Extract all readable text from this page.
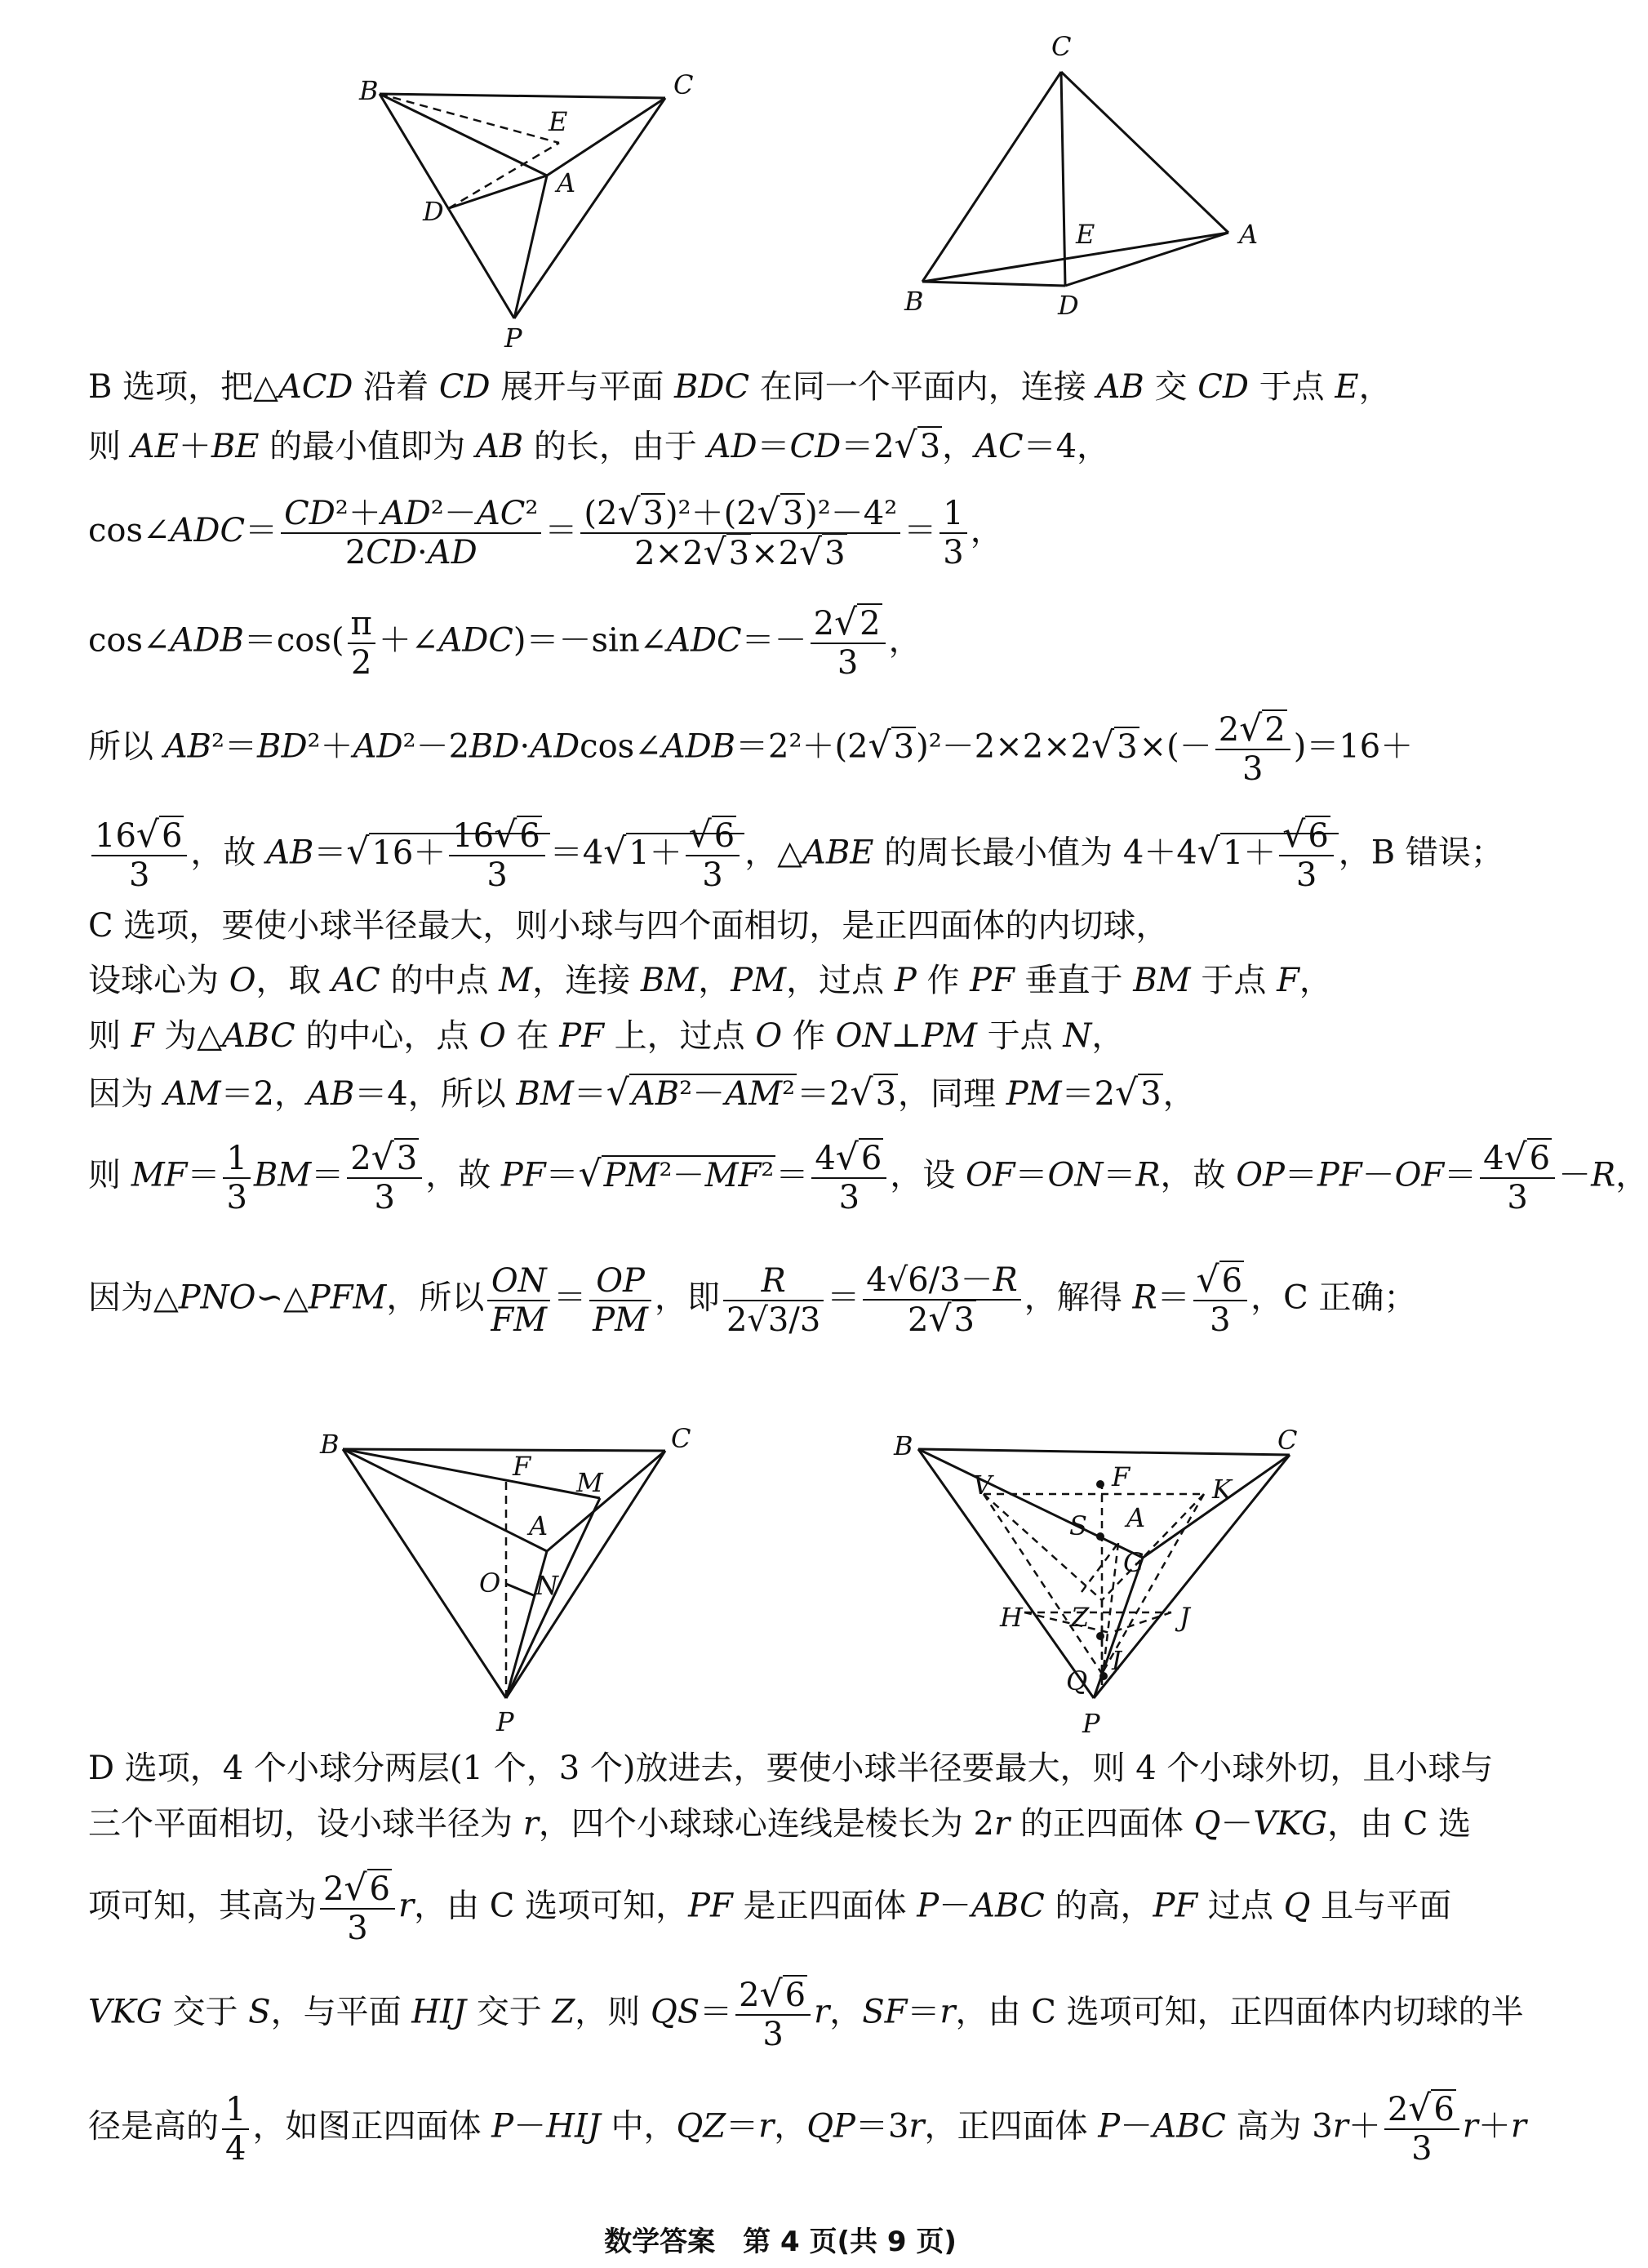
B	C
E
A
D
P
C
E	A
B	D
B 选项，把△ACD 沿着 CD 展开与平面 BDC 在同一个平面内，连接 AB 交 CD 于点 E，
则 AE＋BE 的最小值即为 AB 的长，由于 AD＝CD＝2√3，AC＝4，
cos∠ADC＝ $\frac{\text{CD²＋AD²－AC²}}{2CD\cdot AD} = \frac{\text{(2√3)²＋(2√3)²－4²}}{2\times 2√3\times 2√3} = \frac{1}{3}$ ，
cos∠ADB＝cos( $\frac{\pi}{2}$ ＋∠ADC)＝－sin∠ADC＝－ $\frac{2√2}{3}$ ，
所以 AB²＝BD²＋AD²－2BD·ADcos∠ADB＝2²＋(2√3)²－2×2×2√3×(－ $\frac{2√2}{3} )=16+$
$\frac{16√6}{3}$ ，故 $AB=√16+ \frac{16√6}{3} =4√1+ \frac{√6}{3}$ ，△ABE 的周长最小值为 $4+4√1+ \frac{√6}{3}$ ，B 错误；
C 选项，要使小球半径最大，则小球与四个面相切，是正四面体的内切球，
设球心为 O，取 AC 的中点 M，连接 BM，PM，过点 P 作 PF 垂直于 BM 于点 F，
则 F 为△ABC 的中心，点 O 在 PF 上，过点 O 作 ON⊥PM 于点 N，
因为 AM＝2，AB＝4，所以 BM＝√AB²－AM²＝2√3，同理 PM＝2√3，
则 $MF= \frac{1}{3} BM= \frac{2√3}{3}$ ，故 $PF=√PM^2-MF^2= \frac{4√6}{3}$ ，设 OF＝ON＝R，故 $OP=PF-OF= \frac{4√6}{3} -R$，
因为△PNO∽△PFM，所以 $\frac{ON}{FM} = \frac{OP}{PM}$ ，即 $\frac{R}{2√3/3} = \frac{4√6/3-R}{2√3}$ ，解得 $R= \frac{√6}{3}$ ，C 正确；
B	C
F
M
A
O N
P
B	C
F
V
S
K
A
G
H Z	J
I
Q
P
D 选项，4 个小球分两层(1 个，3 个)放进去，要使小球半径要最大，则 4 个小球外切，且小球与
三个平面相切，设小球半径为 r，四个小球球心连线是棱长为 2r 的正四面体 Q－VKG，由 C 选
项可知，其高为 $\frac{2√6}{3}$ r，由 C 选项可知，PF 是正四面体 P－ABC 的高，PF 过点 Q 且与平面
VKG 交于 S，与平面 HIJ 交于 Z，则 $QS= \frac{2√6}{3}$ r，SF＝r，由 C 选项可知，正四面体内切球的半
径是高的 $\frac{1}{4}$ ，如图正四面体 P－HIJ 中，QZ＝r，QP＝3r，正四面体 P－ABC 高为 $3r+ \frac{2√6}{3} r+r$
数学答案　第 4 页(共 9 页)
